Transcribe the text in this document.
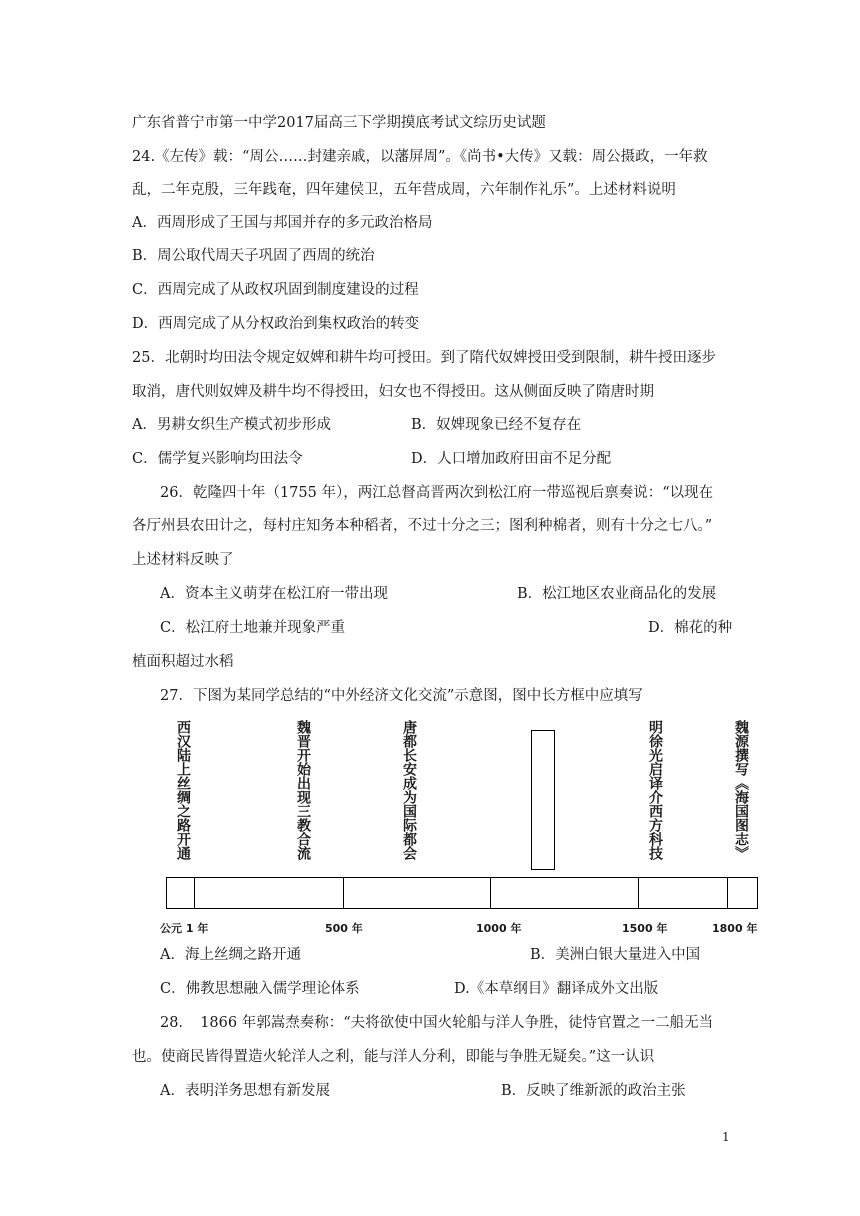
广东省普宁市第一中学2017届高三下学期摸底考试文综历史试题
24.《左传》载：“周公……封建亲戚，以藩屏周”。《尚书•大传》又载：周公摄政，一年救
乱，二年克殷，三年践奄，四年建侯卫，五年营成周，六年制作礼乐”。上述材料说明
A．西周形成了王国与邦国并存的多元政治格局
B．周公取代周天子巩固了西周的统治
C．西周完成了从政权巩固到制度建设的过程
D．西周完成了从分权政治到集权政治的转变
25．北朝时均田法令规定奴婢和耕牛均可授田。到了隋代奴婢授田受到限制，耕牛授田逐步
取消，唐代则奴婢及耕牛均不得授田，妇女也不得授田。这从侧面反映了隋唐时期
A．男耕女织生产模式初步形成	B．奴婢现象已经不复存在
C．儒学复兴影响均田法令	D．人口增加政府田亩不足分配
26．乾隆四十年（1755 年），两江总督高晋两次到松江府一带巡视后禀奏说：“以现在
各厅州县农田计之，每村庄知务本种稻者，不过十分之三；图利种棉者，则有十分之七八。”
上述材料反映了
A．资本主义萌芽在松江府一带出现	B．松江地区农业商品化的发展
C．松江府土地兼并现象严重	D．棉花的种
植面积超过水稻
27．下图为某同学总结的“中外经济文化交流”示意图，图中长方框中应填写
西汉陆上丝绸之路开通	魏晋开始出现三教合流	唐都长安成为国际都会	明徐光启译介西方科技	魏源撰写《海国图志》
公元 1 年	500 年	1000 年	1500 年	1800 年
A．海上丝绸之路开通	B．美洲白银大量进入中国
C．佛教思想融入儒学理论体系	D.《本草纲目》翻译成外文出版
28．　1866 年郭嵩焘奏称：“夫将欲使中国火轮船与洋人争胜，徒恃官置之一二船无当
也。使商民皆得置造火轮洋人之利，能与洋人分利，即能与争胜无疑矣。”这一认识
A．表明洋务思想有新发展	B．反映了维新派的政治主张
1
